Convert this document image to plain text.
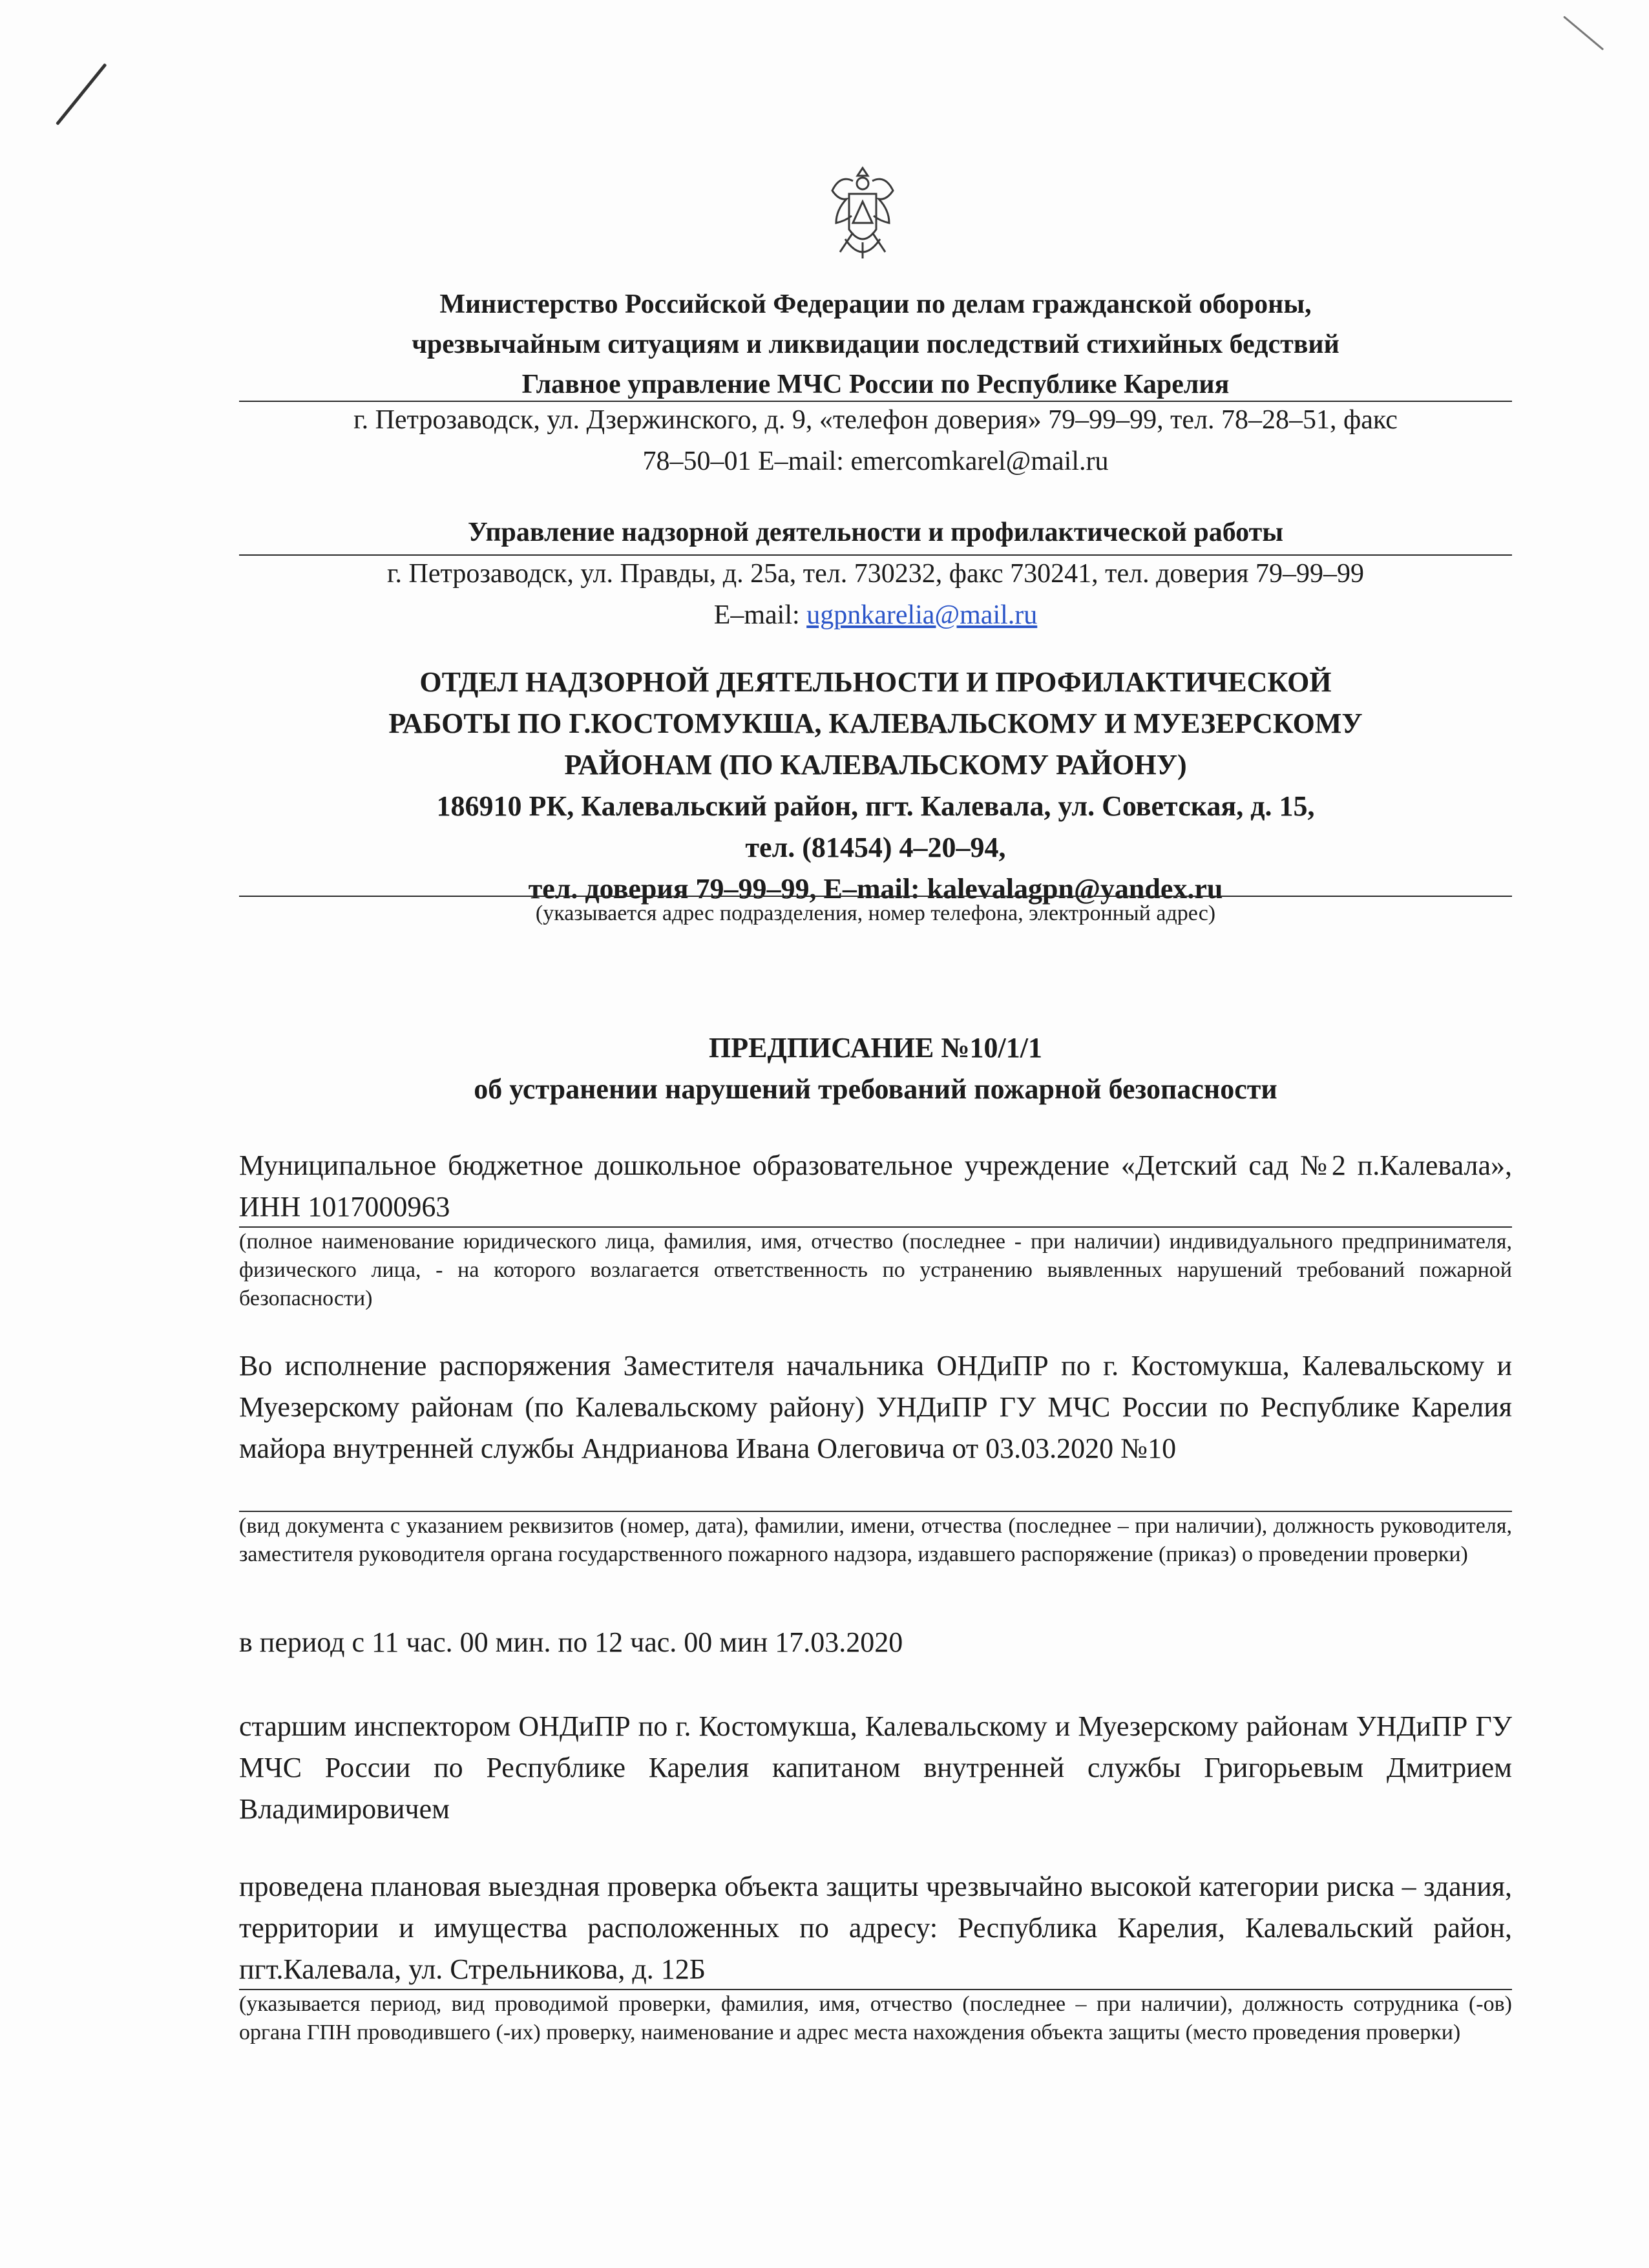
Министерство Российской Федерации по делам гражданской обороны,
чрезвычайным ситуациям и ликвидации последствий стихийных бедствий
Главное управление МЧС России по Республике Карелия
г. Петрозаводск, ул. Дзержинского, д. 9, «телефон доверия» 79–99–99, тел. 78–28–51, факс
78–50–01 E–mail: emercomkarel@mail.ru
Управление надзорной деятельности и профилактической работы
г. Петрозаводск, ул. Правды, д. 25а, тел. 730232, факс 730241, тел. доверия 79–99–99
E–mail: ugpnkarelia@mail.ru
ОТДЕЛ НАДЗОРНОЙ ДЕЯТЕЛЬНОСТИ И ПРОФИЛАКТИЧЕСКОЙ
РАБОТЫ ПО Г.КОСТОМУКША, КАЛЕВАЛЬСКОМУ И МУЕЗЕРСКОМУ
РАЙОНАМ (ПО КАЛЕВАЛЬСКОМУ РАЙОНУ)
186910 РК, Калевальский район, пгт. Калевала, ул. Советская, д. 15,
тел. (81454) 4–20–94,
тел. доверия 79–99–99, E–mail: kalevalagpn@yandex.ru
(указывается адрес подразделения, номер телефона, электронный адрес)
ПРЕДПИСАНИЕ №10/1/1
об устранении нарушений требований пожарной безопасности
Муниципальное бюджетное дошкольное образовательное учреждение «Детский сад №2 п.Калевала», ИНН 1017000963
(полное наименование юридического лица, фамилия, имя, отчество (последнее - при наличии) индивидуального предпринимателя, физического лица, - на которого возлагается ответственность по устранению выявленных нарушений требований пожарной безопасности)
Во исполнение распоряжения Заместителя начальника ОНДиПР по г. Костомукша, Калевальскому и Муезерскому районам (по Калевальскому району) УНДиПР ГУ МЧС России по Республике Карелия майора внутренней службы Андрианова Ивана Олеговича от 03.03.2020 №10
(вид документа с указанием реквизитов (номер, дата), фамилии, имени, отчества (последнее – при наличии), должность руководителя, заместителя руководителя органа государственного пожарного надзора, издавшего распоряжение (приказ) о проведении проверки)
в период с 11 час. 00 мин. по 12 час. 00 мин 17.03.2020
старшим инспектором ОНДиПР по г. Костомукша, Калевальскому и Муезерскому районам УНДиПР ГУ МЧС России по Республике Карелия капитаном внутренней службы Григорьевым Дмитрием Владимировичем
проведена плановая выездная проверка объекта защиты чрезвычайно высокой категории риска – здания, территории и имущества расположенных по адресу: Республика Карелия, Калевальский район, пгт.Калевала, ул. Стрельникова, д. 12Б
(указывается период, вид проводимой проверки, фамилия, имя, отчество (последнее – при наличии), должность сотрудника (-ов) органа ГПН проводившего (-их) проверку, наименование и адрес места нахождения объекта защиты (место проведения проверки)
